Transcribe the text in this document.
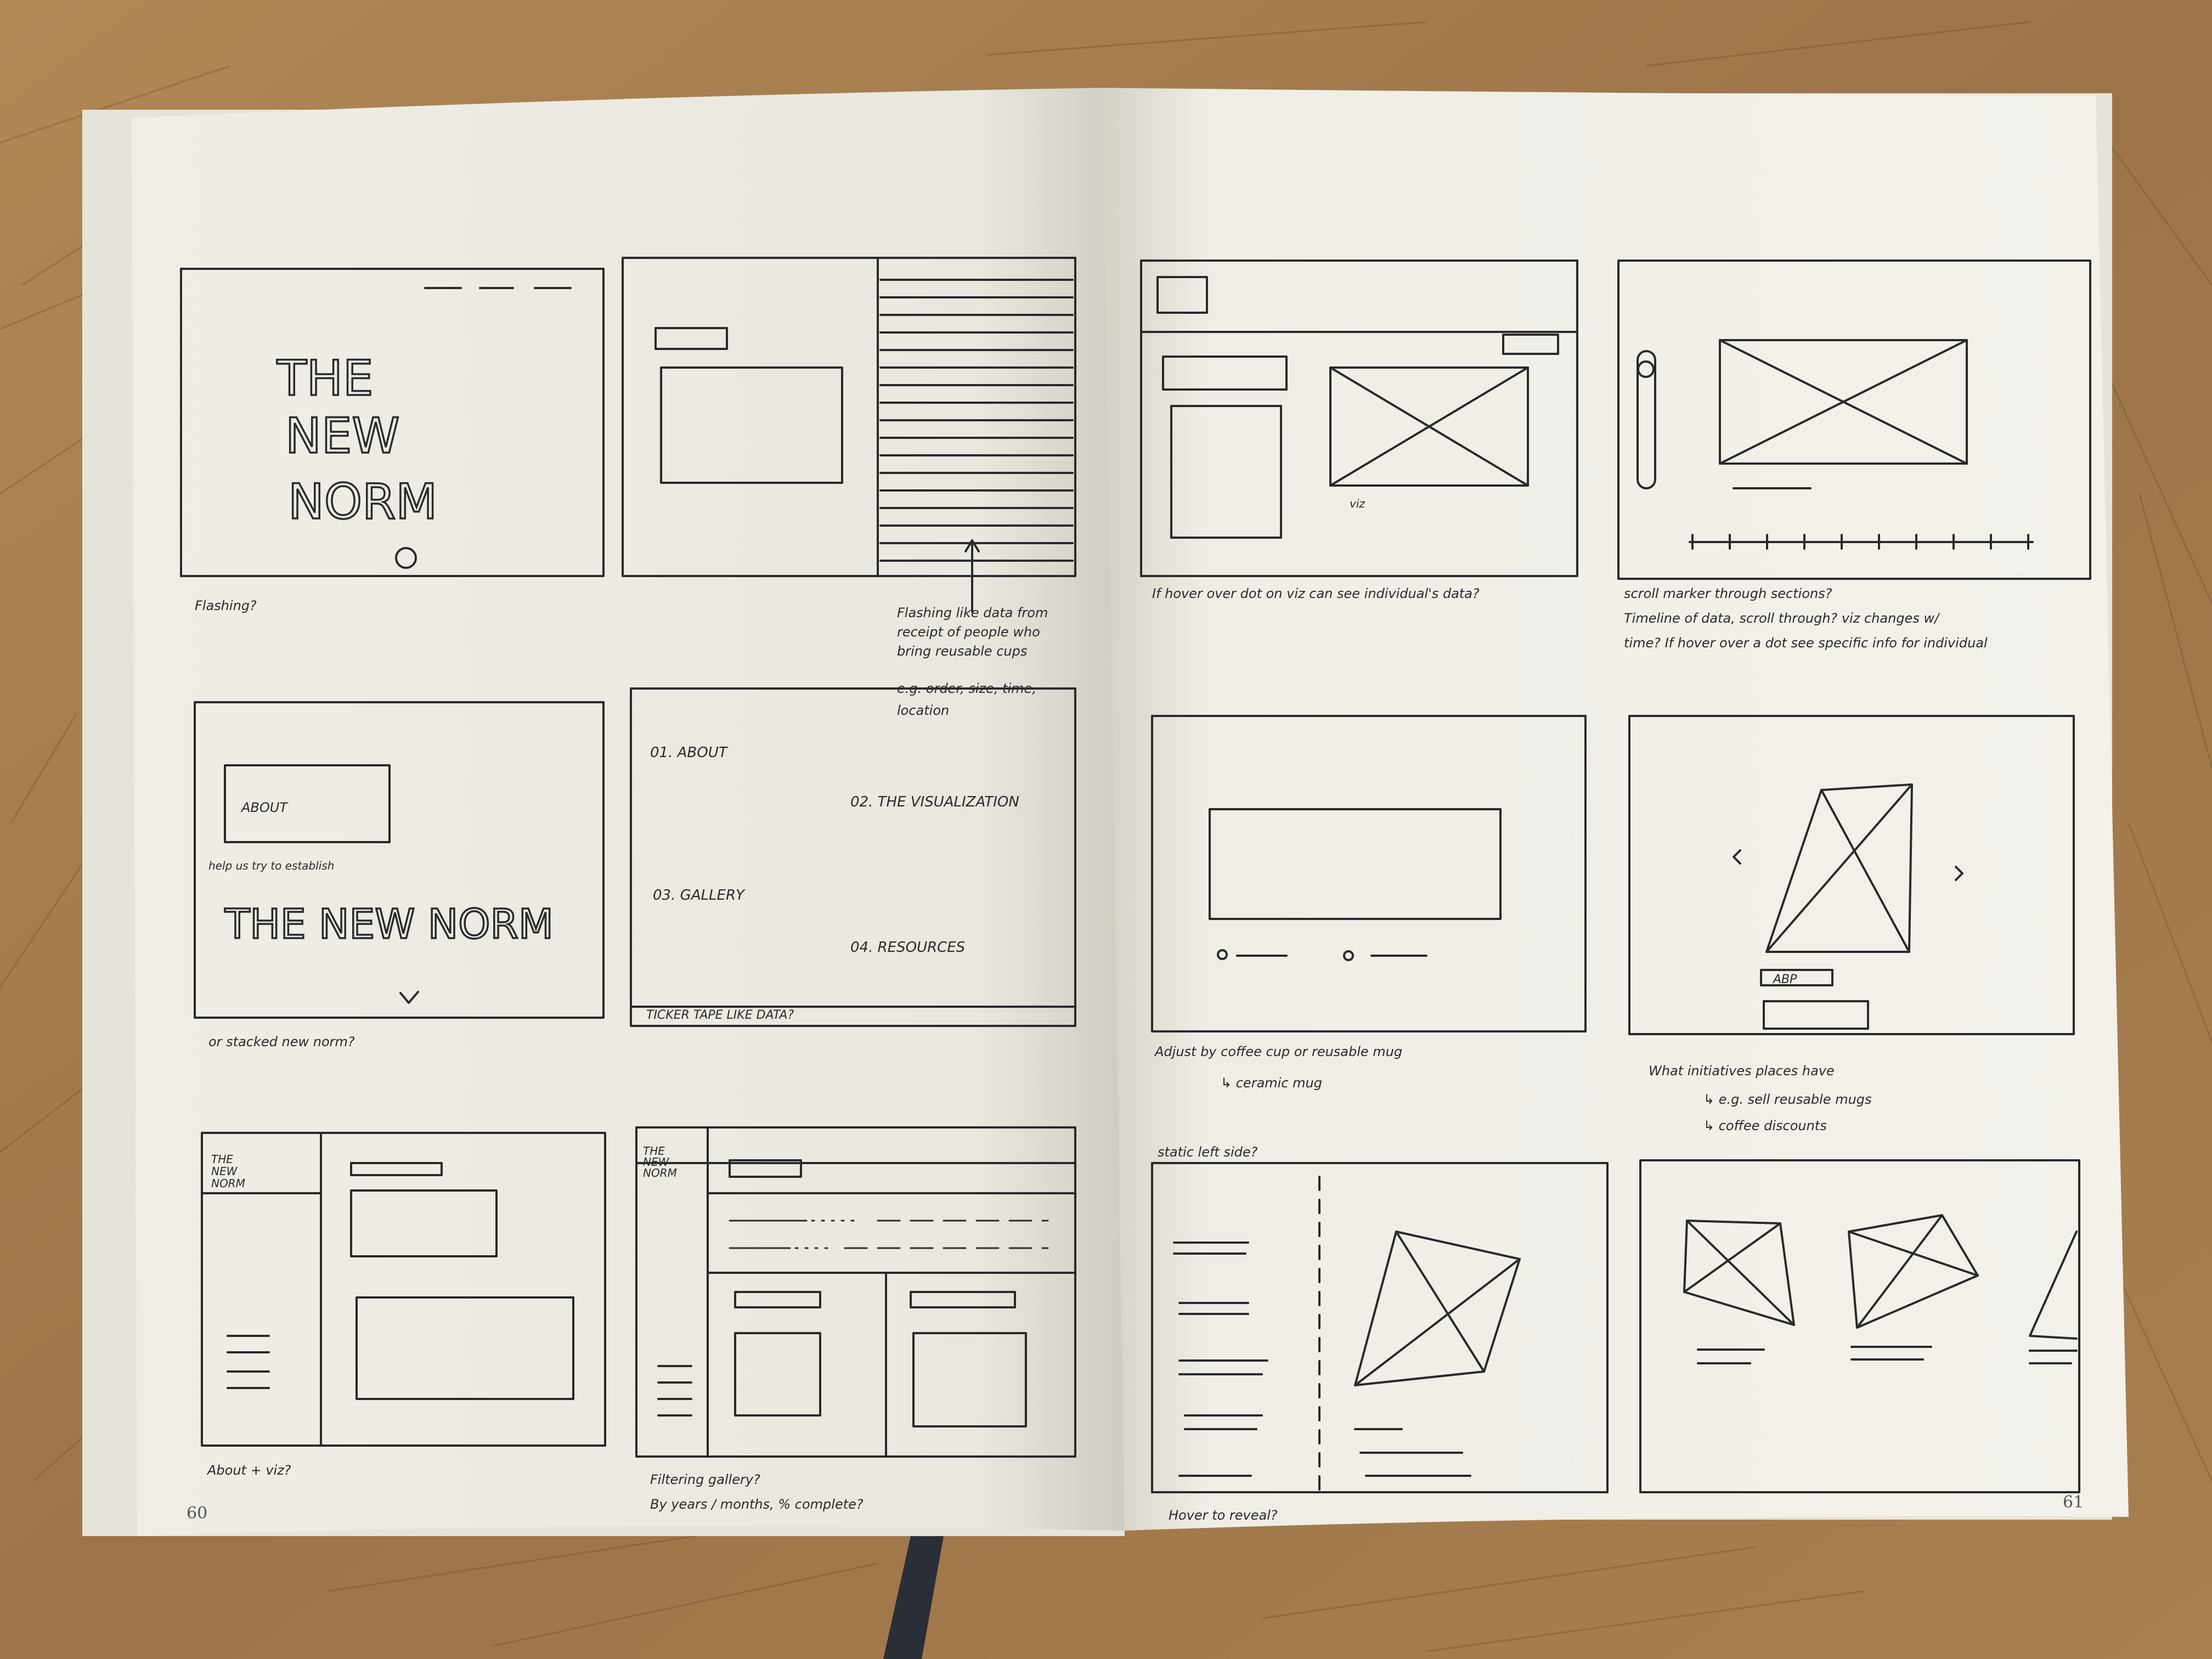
60
61
THE
NEW
NORM
Flashing?	Flashing like data from
receipt of people who
bring reusable cups
e.g. order, size, time,
location
ABOUT
help us try to establish
THE NEW NORM
or stacked new norm?
01. ABOUT
02. THE VISUALIZATION
03. GALLERY
04. RESOURCES
TICKER TAPE LIKE DATA?
THE
NEW
NORM
About + viz?
THE
NEW
NORM
Filtering gallery?
By years / months, % complete?
viz
If hover over dot on viz can see individual's data?	scroll marker through sections?
Timeline of data, scroll through? viz changes w/
time? If hover over a dot see specific info for individual
Adjust by coffee cup or reusable mug
↳ ceramic mug
ABP
What initiatives places have
↳ e.g. sell reusable mugs
↳ coffee discounts
static left side?
Hover to reveal?
